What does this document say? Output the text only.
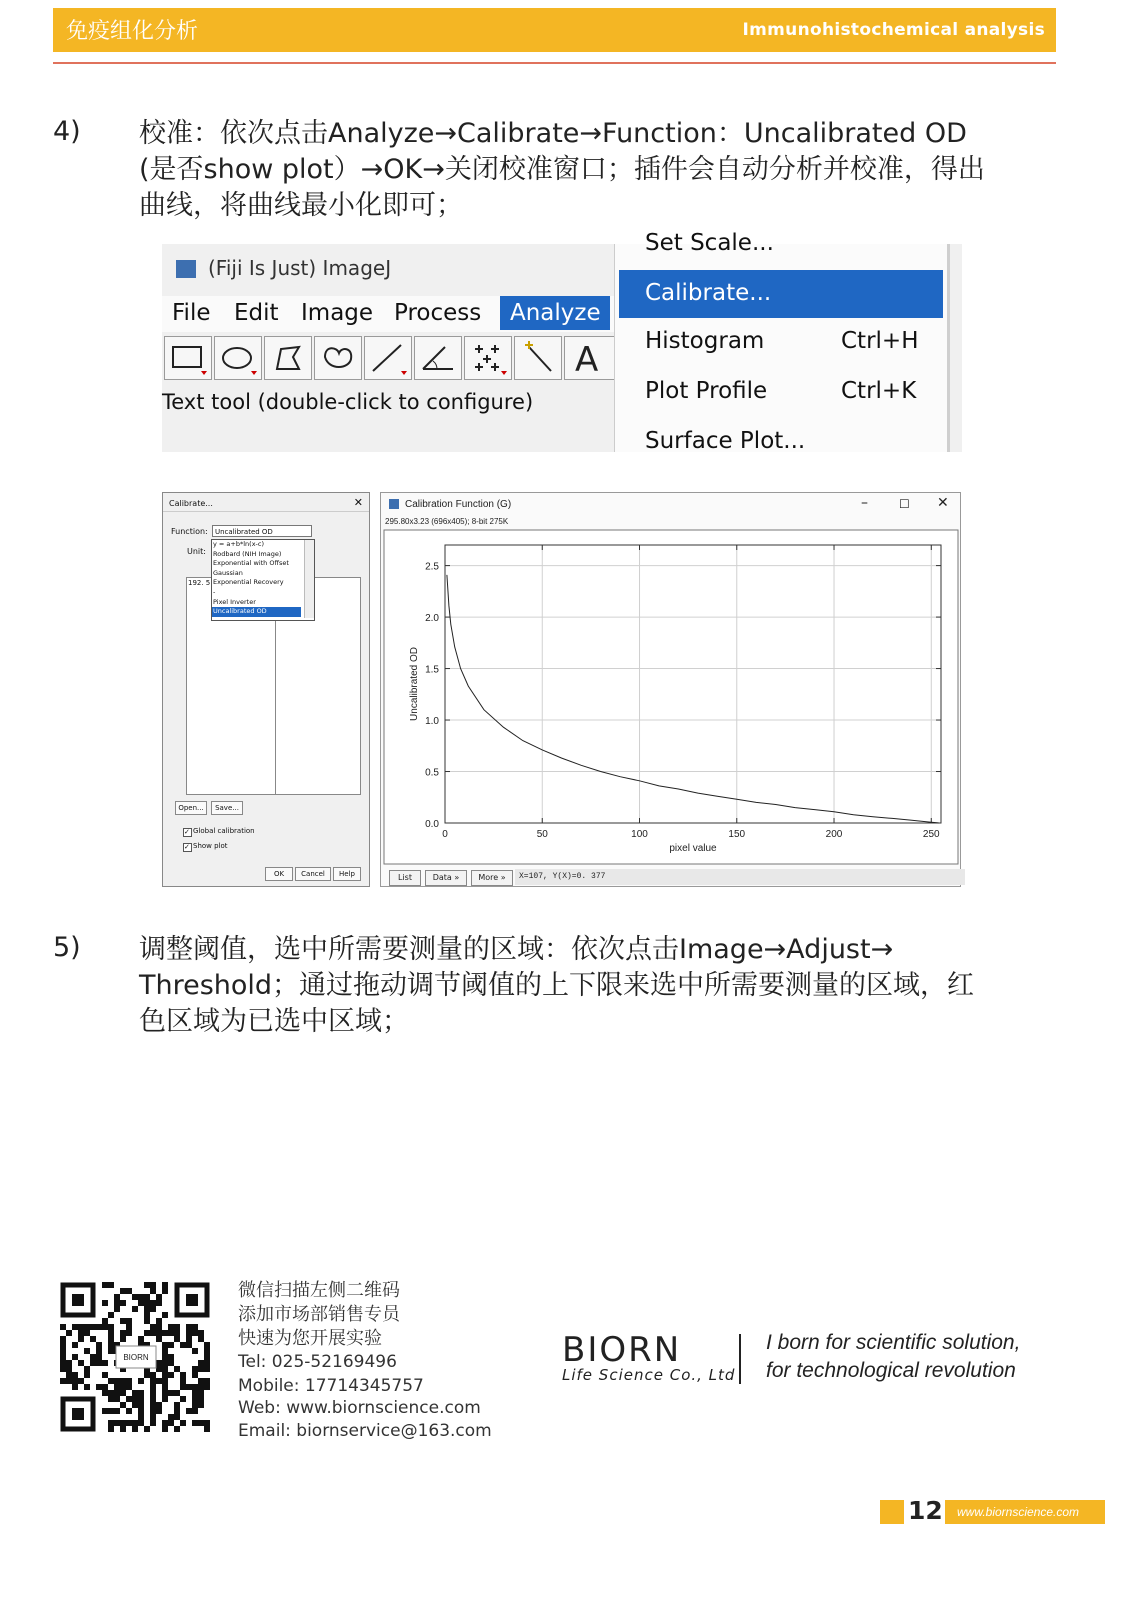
免疫组化分析	Immunohistochemical analysis
4) 校准：依次点击Analyze→Calibrate→Function：Uncalibrated OD
(是否show plot）→OK→关闭校准窗口；插件会自动分析并校准，得出
曲线，将曲线最小化即可；
(Fiji Is Just) ImageJ
File Edit Image Process	Analyze
A
Text tool (double-click to configure)
Set Scale...
Calibrate...
Histogram	Ctrl+H
Plot Profile	Ctrl+K
Surface Plot...
Calibrate...	✕
Function:	Uncalibrated OD
Unit:
192. 5
y = a+b*ln(x-c)
Rodbard (NIH Image)
Exponential with Offset
Gaussian
Exponential Recovery
-
Pixel Inverter
Uncalibrated OD
Open...	Save...
✓ Global calibration
✓ Show plot
OK	Cancel	Help
Calibration Function (G)	–	☐ ✕
295.80x3.23 (696x405); 8-bit 275K
0	50	100	150	200	250
0.0
0.5
1.0
1.5
2.0
2.5
pixel value
Uncalibrated OD
List	Data »	More »	X=107, Y(X)=0. 377
5) 调整阈值，选中所需要测量的区域：依次点击Image→Adjust→
Threshold；通过拖动调节阈值的上下限来选中所需要测量的区域，红
色区域为已选中区域；
BIORN
微信扫描左侧二维码
添加市场部销售专员
快速为您开展实验
Tel: 025-52169496
Mobile: 17714345757
Web: www.biornscience.com
Email: biornservice@163.com
BIORN
Life Science Co., Ltd
I born for scientific solution,
for technological revolution
12	www.biornscience.com
